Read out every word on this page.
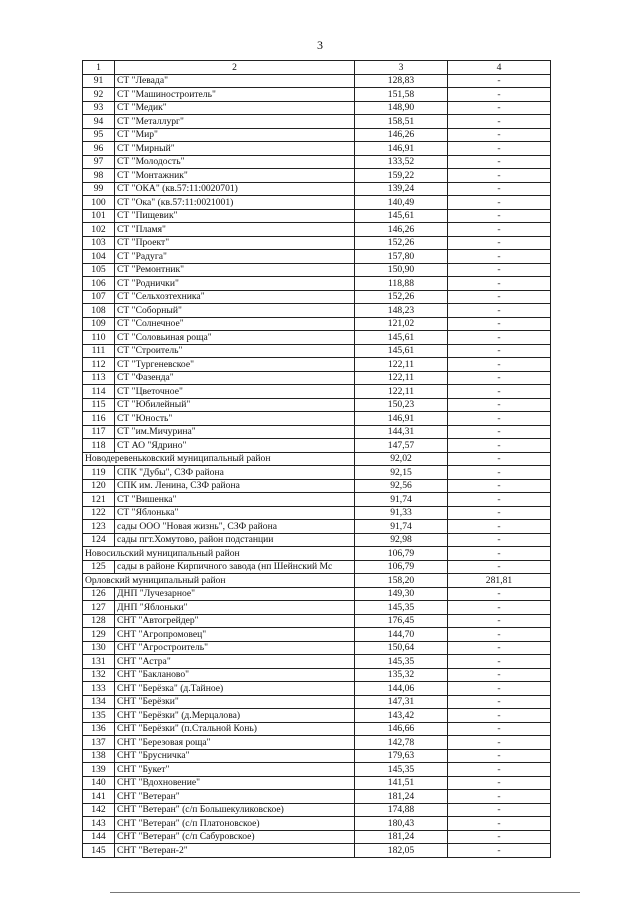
3
1	2	3	4
91	СТ "Левада"	128,83	-
92	СТ "Машиностроитель"	151,58	-
93	СТ "Медик"	148,90	-
94	СТ "Металлург"	158,51	-
95	СТ "Мир"	146,26	-
96	СТ "Мирный"	146,91	-
97	СТ "Молодость"	133,52	-
98	СТ "Монтажник"	159,22	-
99	СТ "ОКА" (кв.57:11:0020701)	139,24	-
100	СТ "Ока" (кв.57:11:0021001)	140,49	-
101	СТ "Пищевик"	145,61	-
102	СТ "Пламя"	146,26	-
103	СТ "Проект"	152,26	-
104	СТ "Радуга"	157,80	-
105	СТ "Ремонтник"	150,90	-
106	СТ "Роднички"	118,88	-
107	СТ "Сельхозтехника"	152,26	-
108	СТ "Соборный"	148,23	-
109	СТ "Солнечное"	121,02	-
110	СТ "Соловьиная роща"	145,61	-
111	СТ "Строитель"	145,61	-
112	СТ "Тургеневское"	122,11	-
113	СТ "Фазенда"	122,11	-
114	СТ "Цветочное"	122,11	-
115	СТ "Юбилейный"	150,23	-
116	СТ "Юность"	146,91	-
117	СТ "им.Мичурина"	144,31	-
118	СТ АО "Ядрино"	147,57	-
Новодеревеньковский муниципальный район		92,02	-
119	СПК "Дубы", СЗФ района	92,15	-
120	СПК им. Ленина, СЗФ района	92,56	-
121	СТ "Вишенка"	91,74	-
122	СТ "Яблонька"	91,33	-
123	сады ООО "Новая жизнь", СЗФ района	91,74	-
124	сады пгт.Хомутово, район подстанции	92,98	-
Новосильский муниципальный район		106,79	-
125	сады в районе Кирпичного завода (нп Шейнский Мс	106,79	-
Орловский муниципальный район		158,20	281,81
126	ДНП "Лучезарное"	149,30	-
127	ДНП "Яблоньки"	145,35	-
128	СНТ "Автогрейдер"	176,45	-
129	СНТ "Агропромовец"	144,70	-
130	СНТ "Агростроитель"	150,64	-
131	СНТ "Астра"	145,35	-
132	СНТ "Бакланово"	135,32	-
133	СНТ "Берёзка" (д.Тайное)	144,06	-
134	СНТ "Берёзки"	147,31	-
135	СНТ "Берёзки" (д.Мерцалова)	143,42	-
136	СНТ "Берёзки" (п.Стальной Конь)	146,66	-
137	СНТ "Березовая роща"	142,78	-
138	СНТ "Брусничка"	179,63	-
139	СНТ "Букет"	145,35	-
140	СНТ "Вдохновение"	141,51	-
141	СНТ "Ветеран"	181,24	-
142	СНТ "Ветеран" (с/п Большекуликовское)	174,88	-
143	СНТ "Ветеран" (с/п Платоновское)	180,43	-
144	СНТ "Ветеран" (с/п Сабуровское)	181,24	-
145	СНТ "Ветеран-2"	182,05	-
